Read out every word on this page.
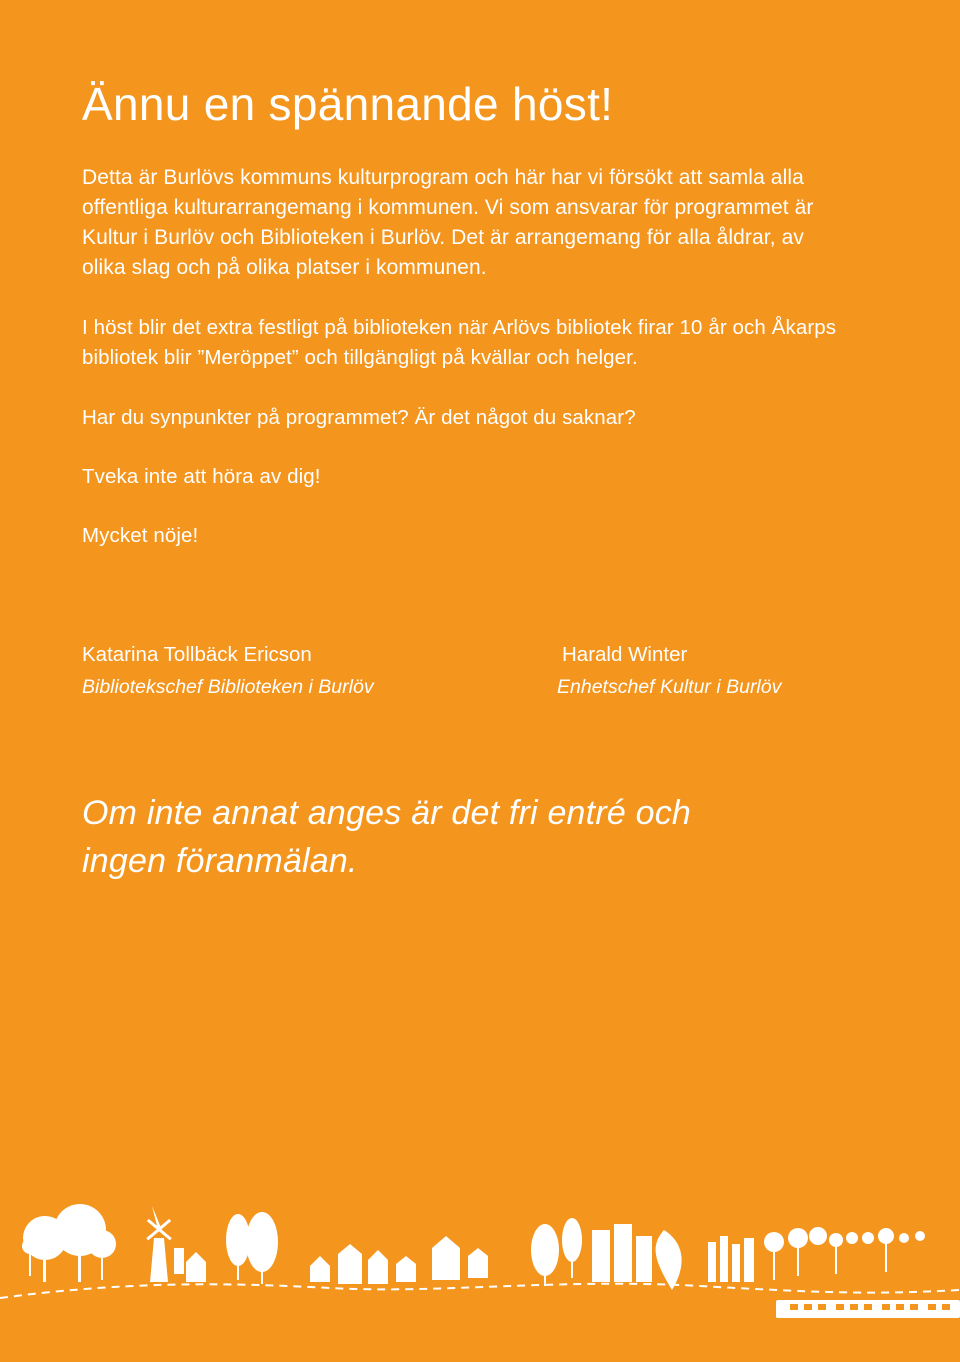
Ännu en spännande höst!

Detta är Burlövs kommuns kulturprogram och här har vi försökt att samla alla offentliga kulturarrangemang i kommunen. Vi som ansvarar för programmet är Kultur i Burlöv och Biblioteken i Burlöv. Det är arrangemang för alla åldrar, av olika slag och på olika platser i kommunen.

I höst blir det extra festligt på biblioteken när Arlövs bibliotek firar 10 år och Åkarps bibliotek blir ”Meröppet” och tillgängligt på kvällar och helger.

Har du synpunkter på programmet? Är det något du saknar?

Tveka inte att höra av dig!

Mycket nöje!

Katarina Tollbäck Ericson

Bibliotekschef Biblioteken i Burlöv

Harald Winter

Enhetschef Kultur i Burlöv

Om inte annat anges är det fri entré och ingen föranmälan.
